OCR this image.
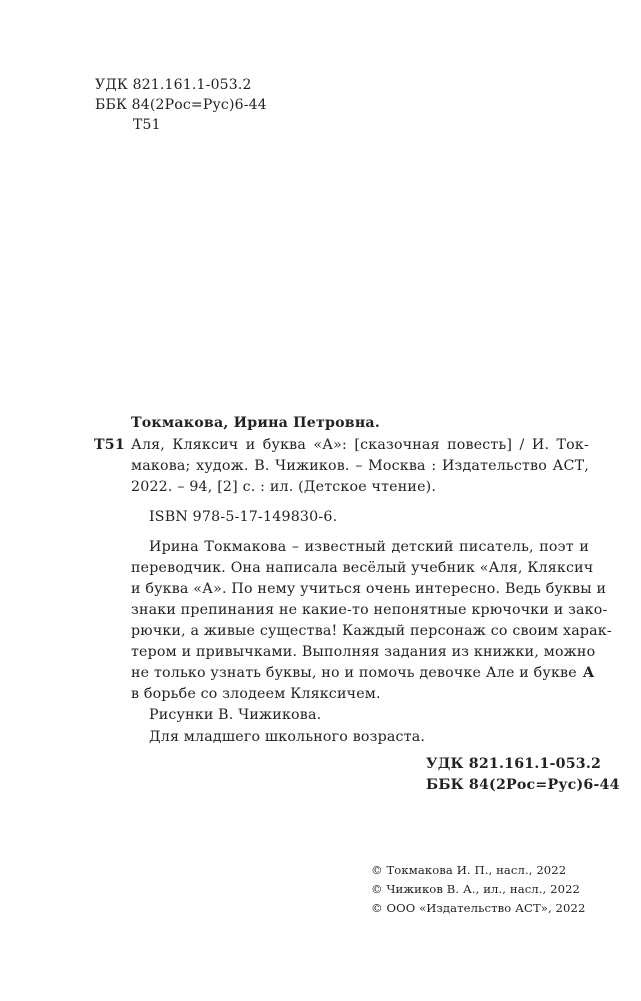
УДК 821.161.1-053.2
ББК 84(2Рос=Рус)6-44
Т51
Токмакова, Ирина Петровна.
Т51 Аля, Кляксич и буква «А»: [сказочная повесть] / И. Ток-
макова; худож. В. Чижиков. – Москва : Издательство АСТ,
2022. – 94, [2] с. : ил. (Детское чтение).
ISBN 978-5-17-149830-6.
Ирина Токмакова – известный детский писатель, поэт и
переводчик. Она написала весёлый учебник «Аля, Кляксич
и буква «А». По нему учиться очень интересно. Ведь буквы и
знаки препинания не какие-то непонятные крючочки и зако-
рючки, а живые существа! Каждый персонаж со своим харак-
тером и привычками. Выполняя задания из книжки, можно
не только узнать буквы, но и помочь девочке Але и букве А
в борьбе со злодеем Кляксичем.
Рисунки В. Чижикова.
Для младшего школьного возраста.
УДК 821.161.1-053.2
ББК 84(2Рос=Рус)6-44
© Токмакова И. П., насл., 2022
© Чижиков В. А., ил., насл., 2022
© ООО «Издательство АСТ», 2022
